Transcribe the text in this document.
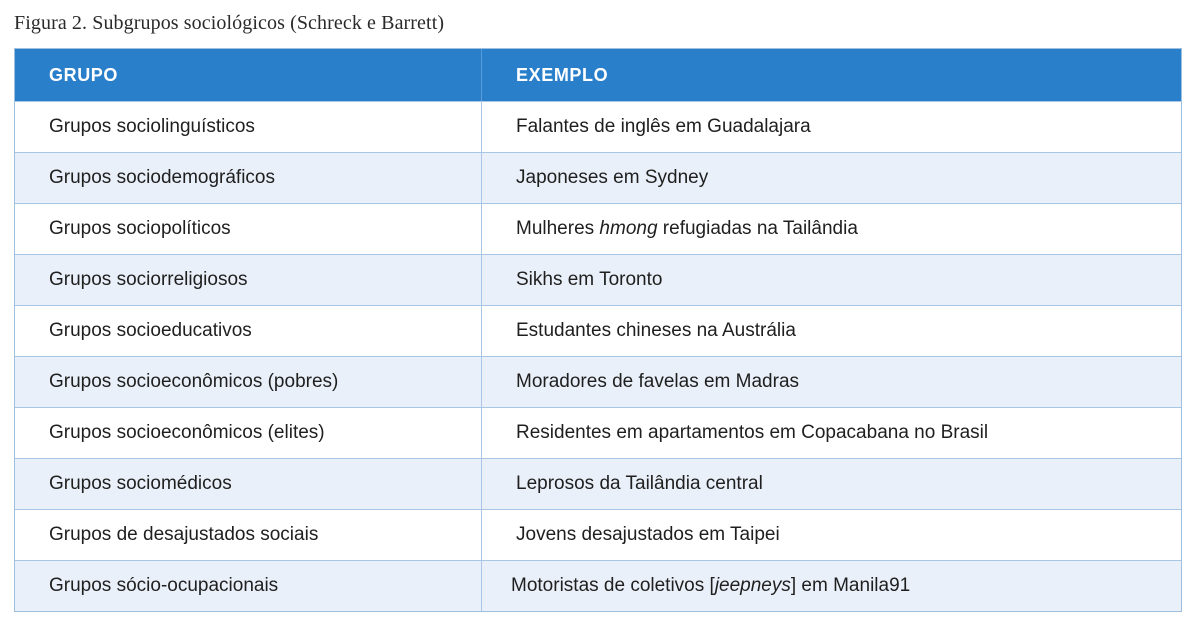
Figura 2. Subgrupos sociológicos (Schreck e Barrett)
GRUPO	EXEMPLO
Grupos sociolinguísticos	Falantes de inglês em Guadalajara
Grupos sociodemográficos	Japoneses em Sydney
Grupos sociopolíticos	Mulheres hmong refugiadas na Tailândia
Grupos sociorreligiosos	Sikhs em Toronto
Grupos socioeducativos	Estudantes chineses na Austrália
Grupos socioeconômicos (pobres)	Moradores de favelas em Madras
Grupos socioeconômicos (elites)	Residentes em apartamentos em Copacabana no Brasil
Grupos sociomédicos	Leprosos da Tailândia central
Grupos de desajustados sociais	Jovens desajustados em Taipei
Grupos sócio-ocupacionais	Motoristas de coletivos [ jeepneys ] em Manila91
